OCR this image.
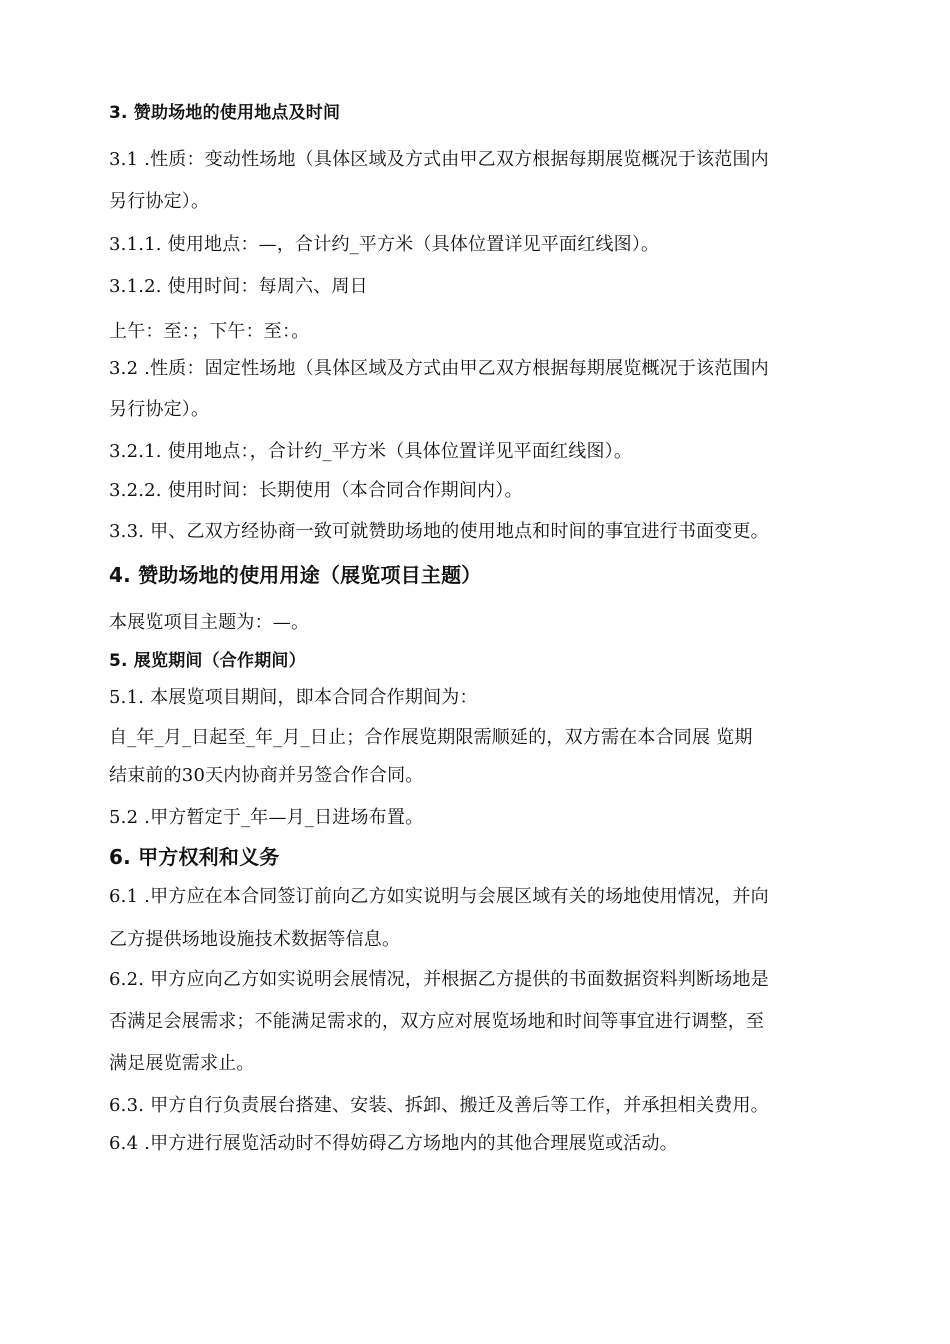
3. 赞助场地的使用地点及时间
3.1 .性质：变动性场地（具体区域及方式由甲乙双方根据每期展览概况于该范围内
另行协定）。
3.1.1. 使用地点：—，合计约_平方米（具体位置详见平面红线图）。
3.1.2. 使用时间：每周六、周日
上午：至：；下午：至：。
3.2 .性质：固定性场地（具体区域及方式由甲乙双方根据每期展览概况于该范围内
另行协定）。
3.2.1. 使用地点：，合计约_平方米（具体位置详见平面红线图）。
3.2.2. 使用时间：长期使用（本合同合作期间内）。
3.3. 甲、乙双方经协商一致可就赞助场地的使用地点和时间的事宜进行书面变更。
4. 赞助场地的使用用途（展览项目主题）
本展览项目主题为：—。
5. 展览期间（合作期间）
5.1. 本展览项目期间，即本合同合作期间为：
自_年_月_日起至_年_月_日止；合作展览期限需顺延的，双方需在本合同展 览期
结束前的30天内协商并另签合作合同。
5.2 .甲方暂定于_年—月_日进场布置。
6. 甲方权利和义务
6.1 .甲方应在本合同签订前向乙方如实说明与会展区域有关的场地使用情况，并向
乙方提供场地设施技术数据等信息。
6.2. 甲方应向乙方如实说明会展情况，并根据乙方提供的书面数据资料判断场地是
否满足会展需求；不能满足需求的，双方应对展览场地和时间等事宜进行调整，至
满足展览需求止。
6.3. 甲方自行负责展台搭建、安装、拆卸、搬迁及善后等工作，并承担相关费用。
6.4 .甲方进行展览活动时不得妨碍乙方场地内的其他合理展览或活动。
